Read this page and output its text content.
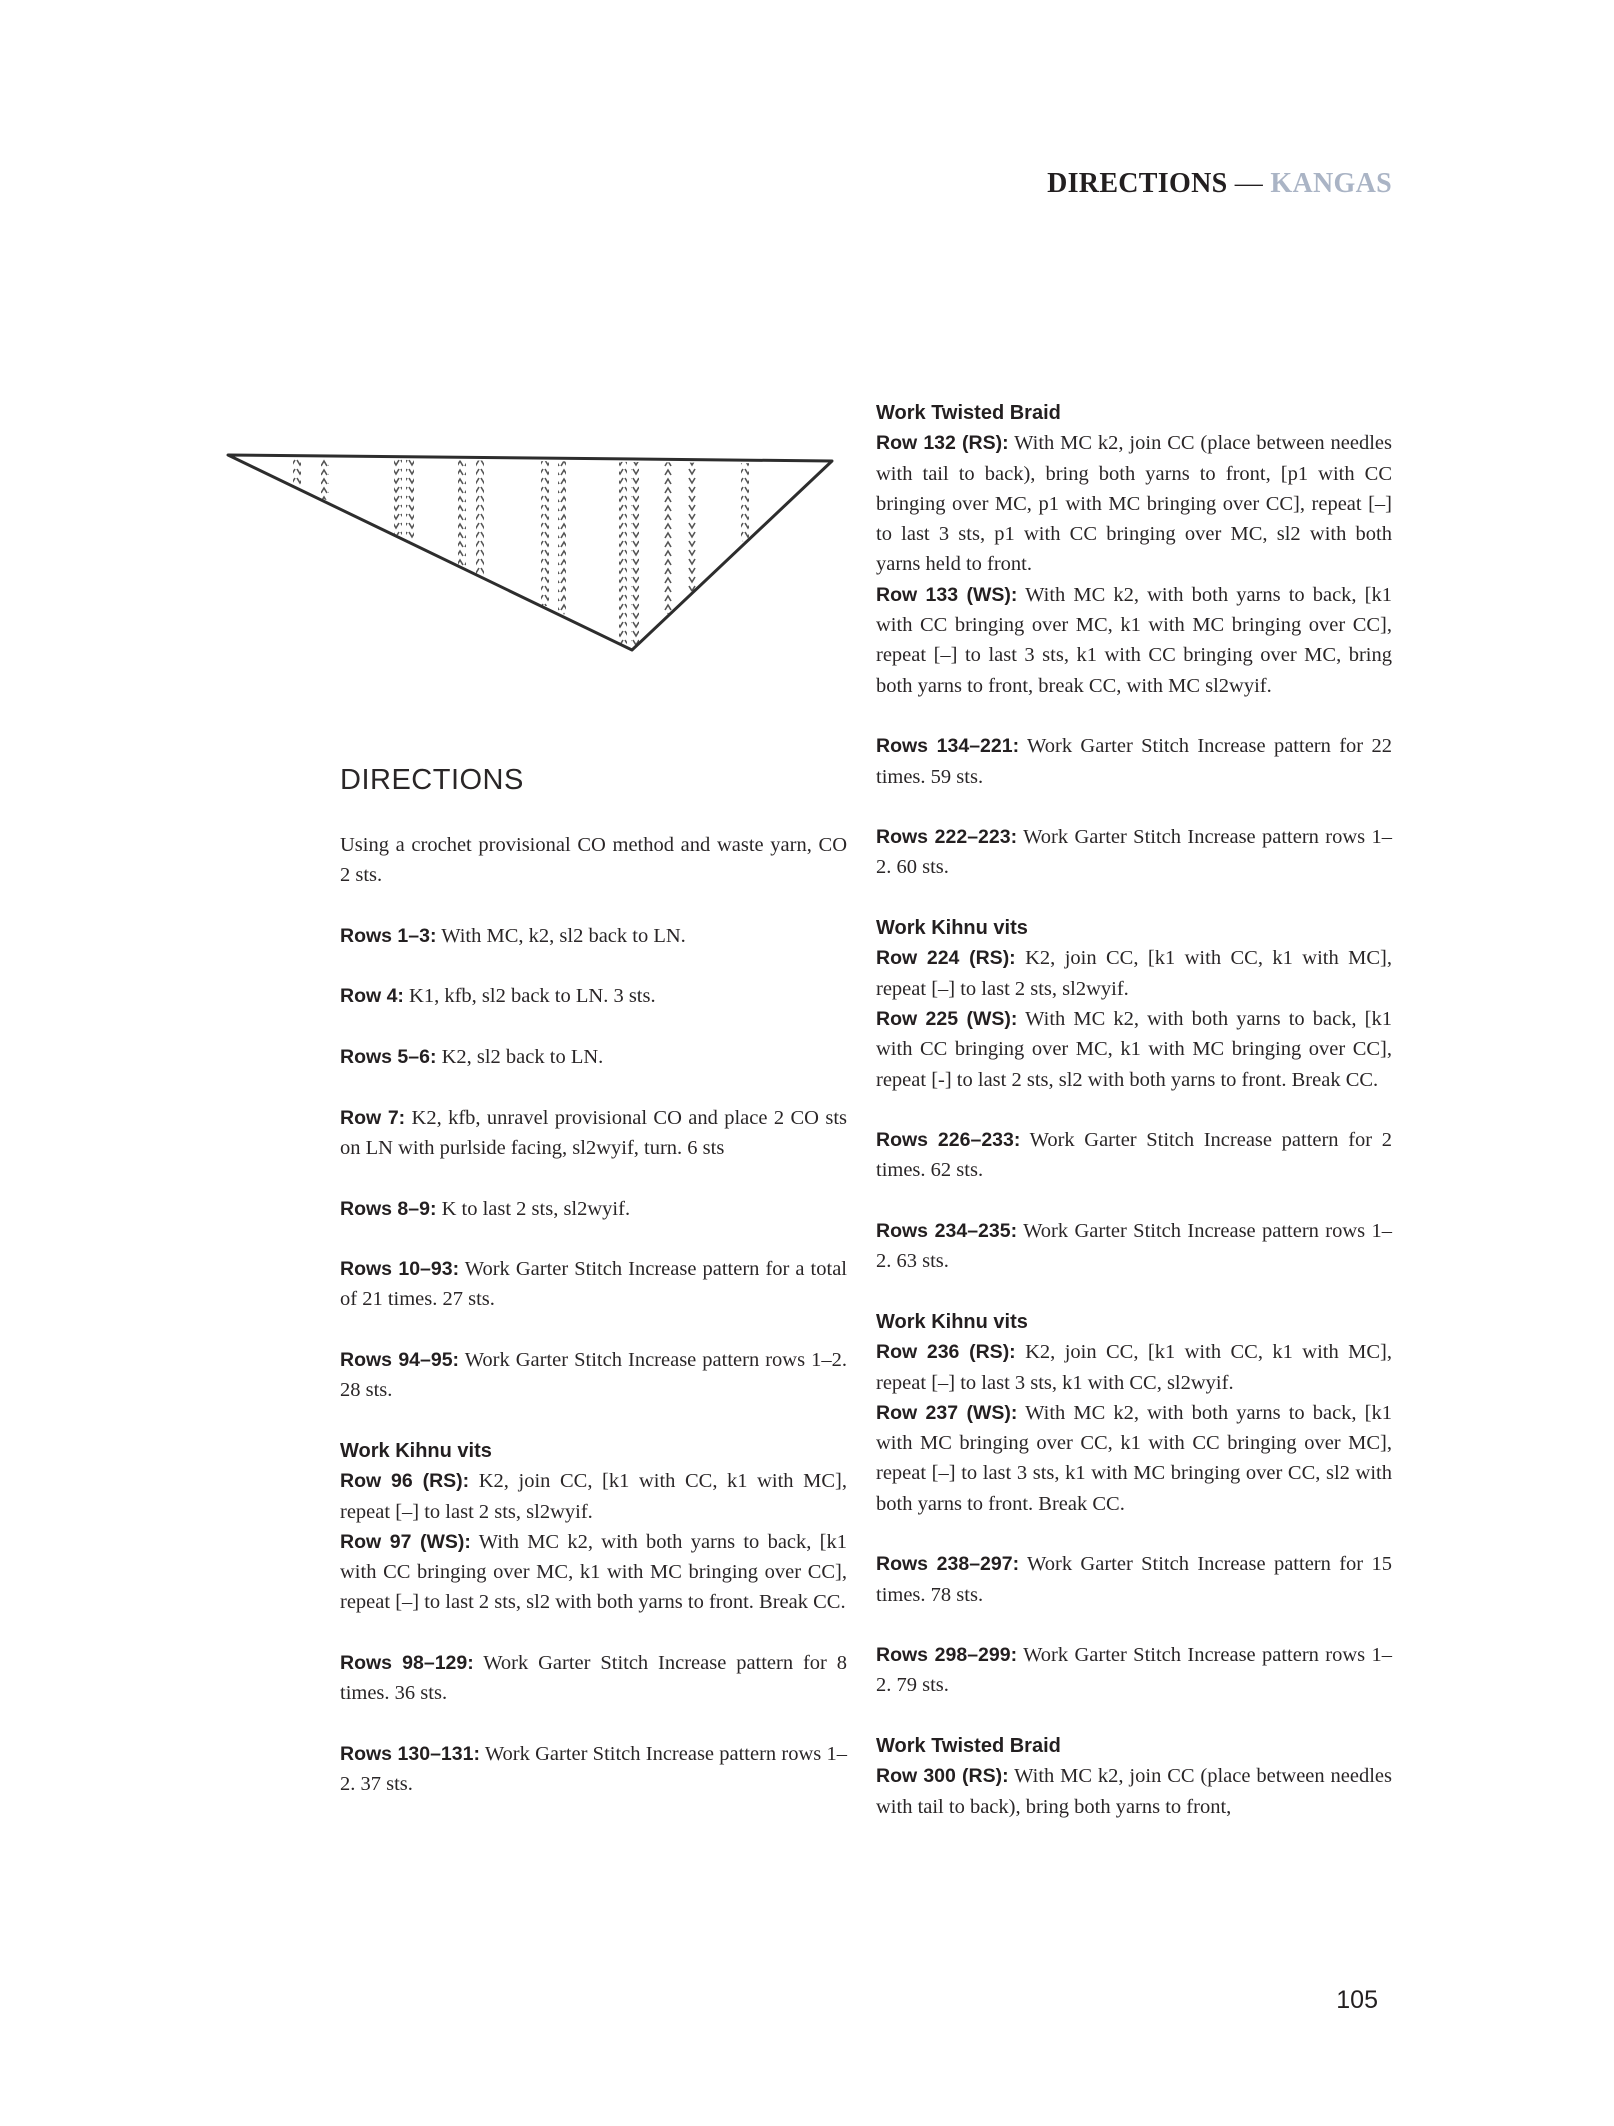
DIRECTIONS — KANGAS
DIRECTIONS

Using a crochet provisional CO method and waste yarn, CO 2 sts.

Rows 1–3: With MC, k2, sl2 back to LN.

Row 4: K1, kfb, sl2 back to LN. 3 sts.

Rows 5–6: K2, sl2 back to LN.

Row 7: K2, kfb, unravel provisional CO and place 2 CO sts on LN with purlside facing, sl2wyif, turn. 6 sts

Rows 8–9: K to last 2 sts, sl2wyif.

Rows 10–93: Work Garter Stitch Increase pattern for a total of 21 times. 27 sts.

Rows 94–95: Work Garter Stitch Increase pattern rows 1–2. 28 sts.

Work Kihnu vits

Row 96 (RS): K2, join CC, [k1 with CC, k1 with MC], repeat [–] to last 2 sts, sl2wyif.

Row 97 (WS): With MC k2, with both yarns to back, [k1 with CC bringing over MC, k1 with MC bringing over CC], repeat [–] to last 2 sts, sl2 with both yarns to front. Break CC.

Rows 98–129: Work Garter Stitch Increase pattern for 8 times. 36 sts.

Rows 130–131: Work Garter Stitch Increase pattern rows 1–2. 37 sts.

Work Twisted Braid

Row 132 (RS): With MC k2, join CC (place between needles with tail to back), bring both yarns to front, [p1 with CC bringing over MC, p1 with MC bringing over CC], repeat [–] to last 3 sts, p1 with CC bringing over MC, sl2 with both yarns held to front.

Row 133 (WS): With MC k2, with both yarns to back, [k1 with CC bringing over MC, k1 with MC bringing over CC], repeat [–] to last 3 sts, k1 with CC bringing over MC, bring both yarns to front, break CC, with MC sl2wyif.

Rows 134–221: Work Garter Stitch Increase pattern for 22 times. 59 sts.

Rows 222–223: Work Garter Stitch Increase pattern rows 1–2. 60 sts.

Work Kihnu vits

Row 224 (RS): K2, join CC, [k1 with CC, k1 with MC], repeat [–] to last 2 sts, sl2wyif.

Row 225 (WS): With MC k2, with both yarns to back, [k1 with CC bringing over MC, k1 with MC bringing over CC], repeat [-] to last 2 sts, sl2 with both yarns to front. Break CC.

Rows 226–233: Work Garter Stitch Increase pattern for 2 times. 62 sts.

Rows 234–235: Work Garter Stitch Increase pattern rows 1–2. 63 sts.

Work Kihnu vits

Row 236 (RS): K2, join CC, [k1 with CC, k1 with MC], repeat [–] to last 3 sts, k1 with CC, sl2wyif.

Row 237 (WS): With MC k2, with both yarns to back, [k1 with MC bringing over CC, k1 with CC bringing over MC], repeat [–] to last 3 sts, k1 with MC bringing over CC, sl2 with both yarns to front. Break CC.

Rows 238–297: Work Garter Stitch Increase pattern for 15 times. 78 sts.

Rows 298–299: Work Garter Stitch Increase pattern rows 1–2. 79 sts.

Work Twisted Braid

Row 300 (RS): With MC k2, join CC (place between needles with tail to back), bring both yarns to front,

105
